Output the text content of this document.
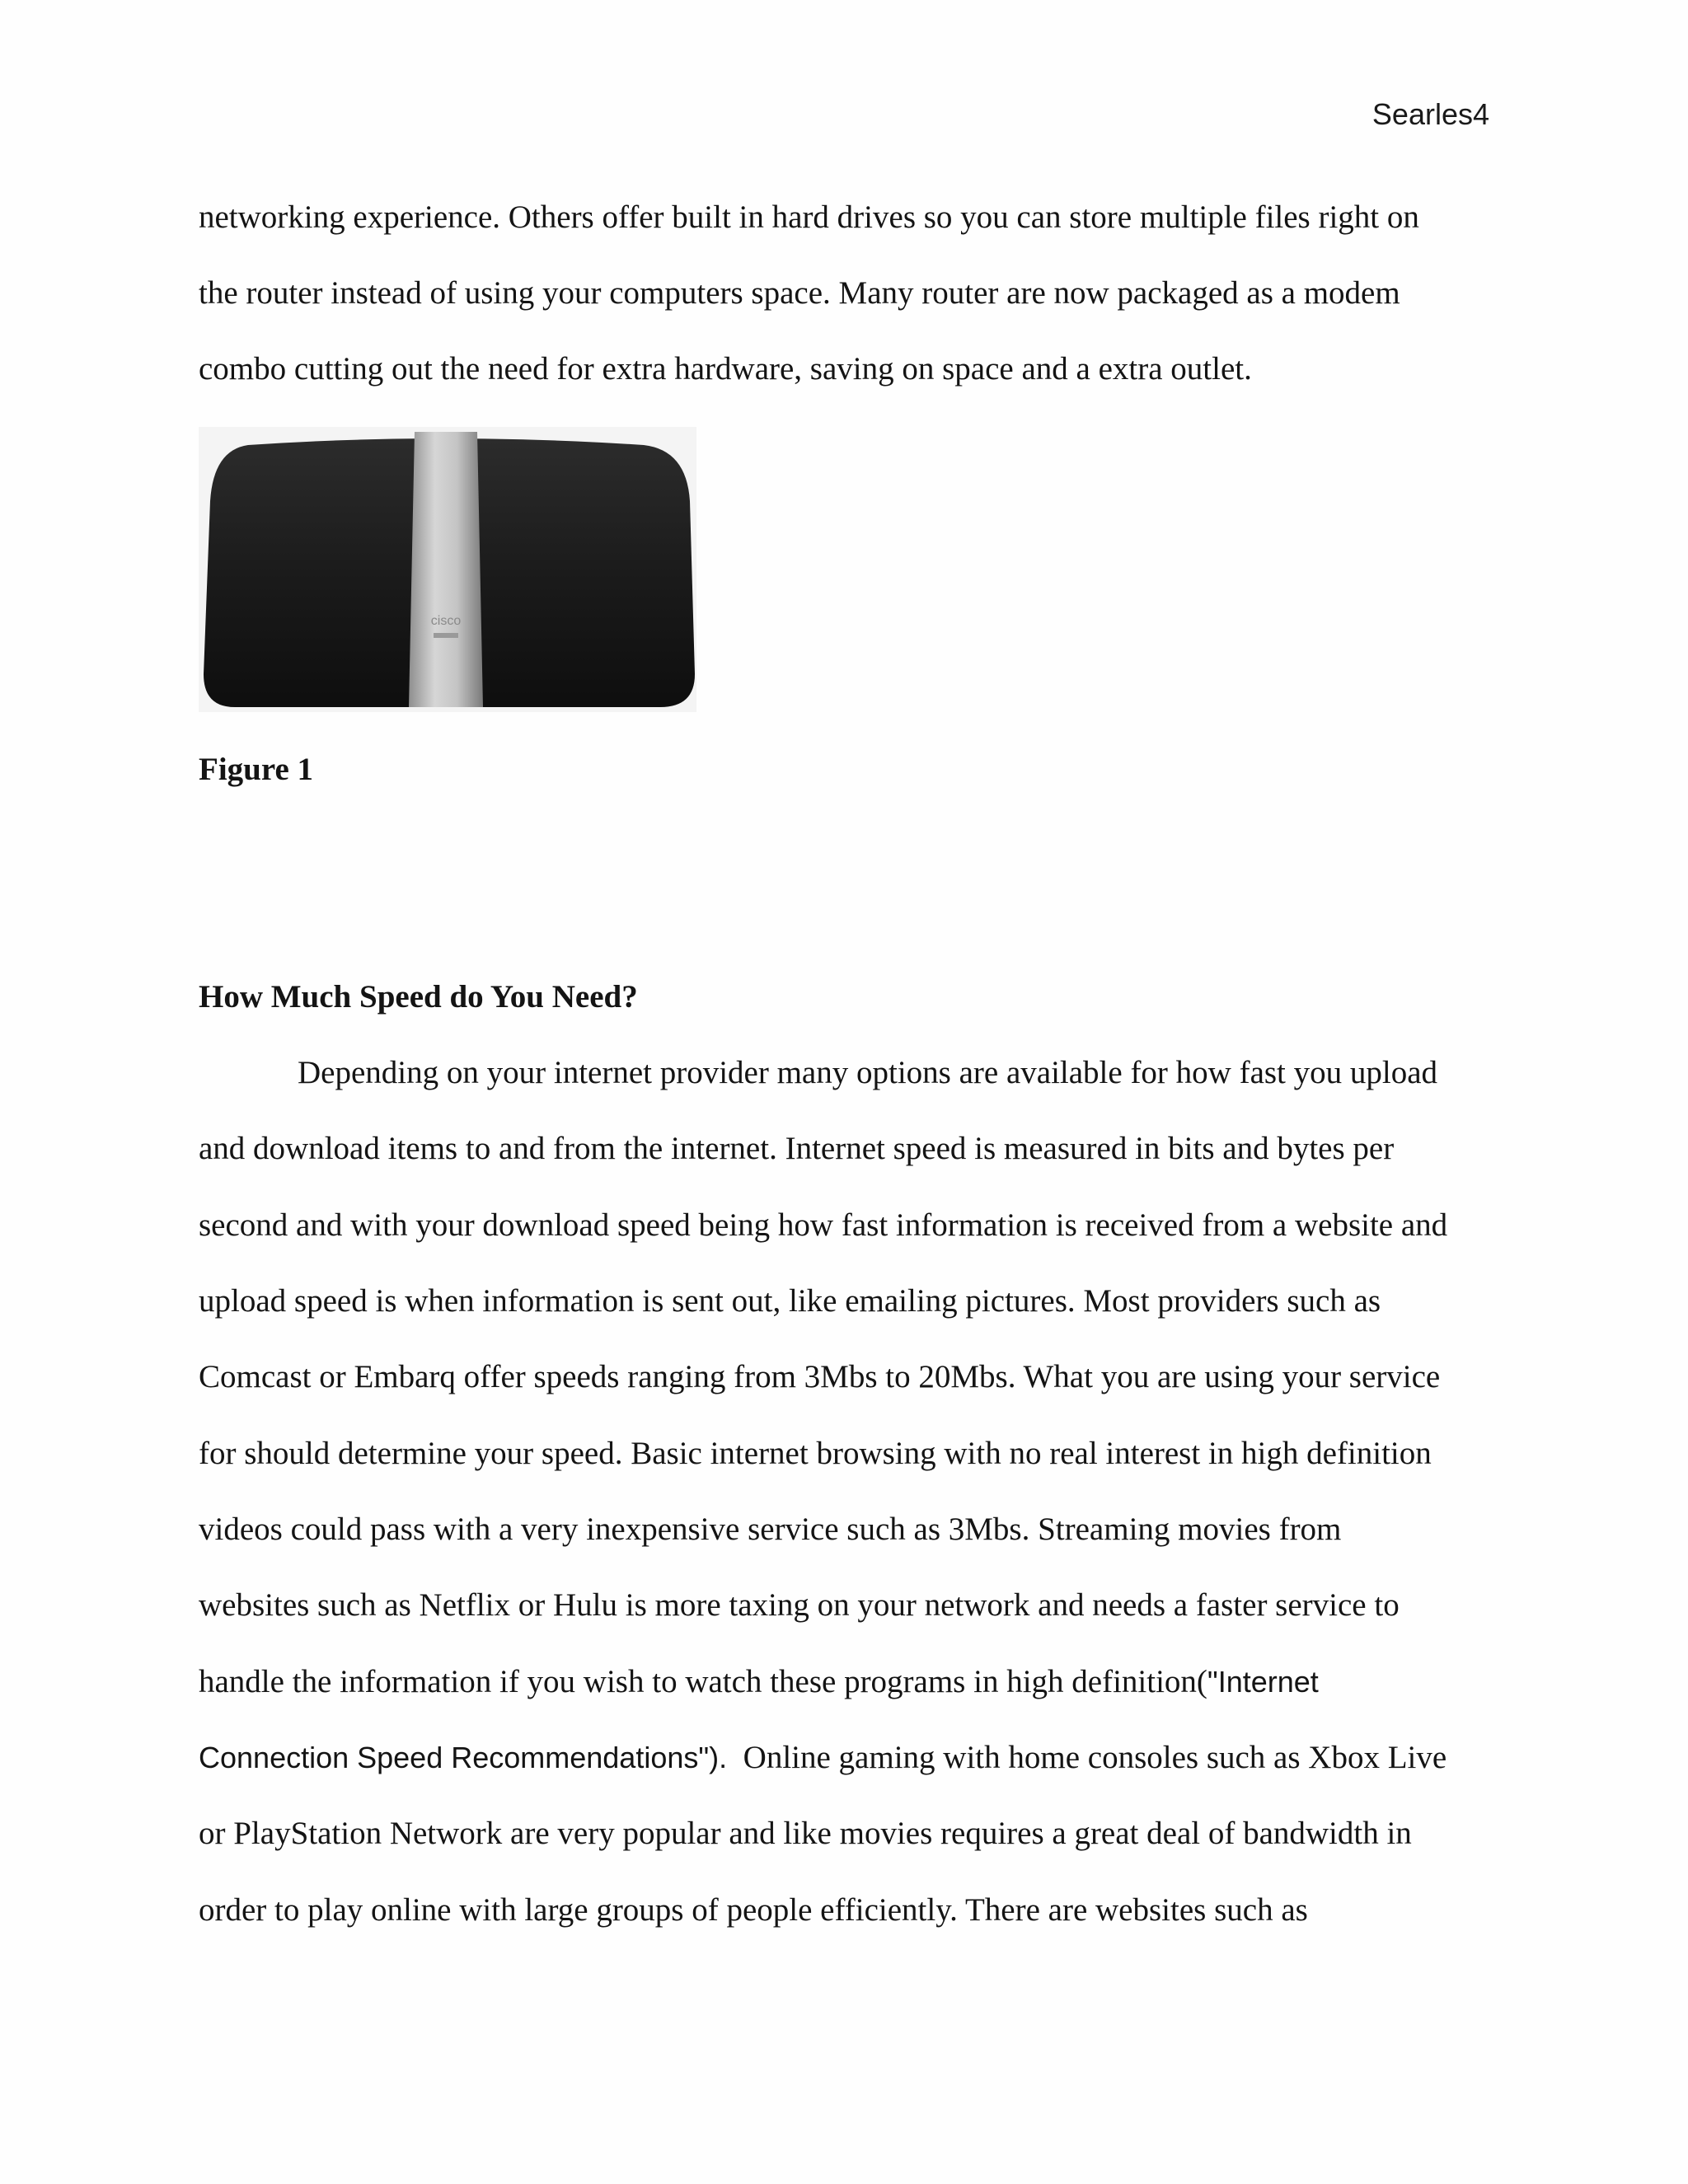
Searles4
networking experience. Others offer built in hard drives so you can store multiple files right on
the router instead of using your computers space. Many router are now packaged as a modem
combo cutting out the need for extra hardware, saving on space and a extra outlet.
cisco
Figure 1
How Much Speed do You Need?
Depending on your internet provider many options are available for how fast you upload
and download items to and from the internet. Internet speed is measured in bits and bytes per
second and with your download speed being how fast information is received from a website and
upload speed is when information is sent out, like emailing pictures. Most providers such as
Comcast or Embarq offer speeds ranging from 3Mbs to 20Mbs. What you are using your service
for should determine your speed. Basic internet browsing with no real interest in high definition
videos could pass with a very inexpensive service such as 3Mbs. Streaming movies from
websites such as Netflix or Hulu is more taxing on your network and needs a faster service to
handle the information if you wish to watch these programs in high definition("Internet
Connection Speed Recommendations").  Online gaming with home consoles such as Xbox Live
or PlayStation Network are very popular and like movies requires a great deal of bandwidth in
order to play online with large groups of people efficiently. There are websites such as
